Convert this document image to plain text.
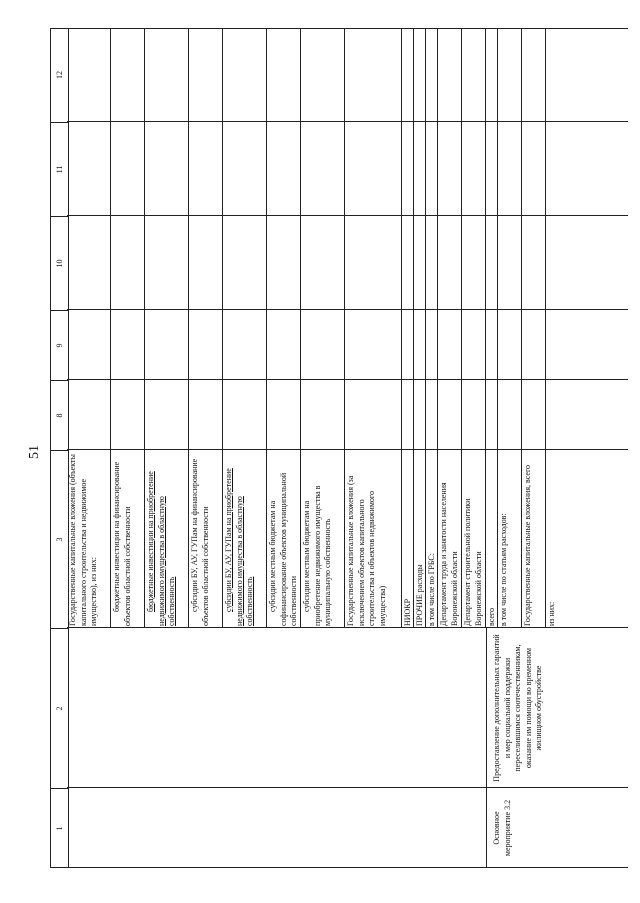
51
1
2
3
8
9
10
11
12
Государственные капитальные вложения (объекты капитального строительства и недвижимое имущество), из них: бюджетные инвестиции на финансирование объектов областной собственности бюджетные инвестиции на приобретение недвижимого имущества в областную собственность субсидии БУ, АУ, ГУПам на финансирование объектов областной собственности субсидии БУ, АУ, ГУПам на приобретение недвижимого имущества в областную собственность субсидии местным бюджетам на софинансирование объектов муниципальной собственности субсидии местным бюджетам на приобретение недвижимого имущества в муниципальную собственность Государственные капитальные вложения (за исключением объектов капитального строительства и объектов недвижимого имущества) НИОКР ПРОЧИЕ расходы в том числе по ГРБС: Департамент труда и занятости населения Воронежской области Департамент строительной политики Воронежской области
Основное мероприятие 3.2
Предоставление дополнительных гарантий и мер социальной поддержки переселившимся соотечественникам, оказание им помощи во временном жилищном обустройстве
всего в том числе по статьям расходов: Государственные капитальные вложения, всего из них:
